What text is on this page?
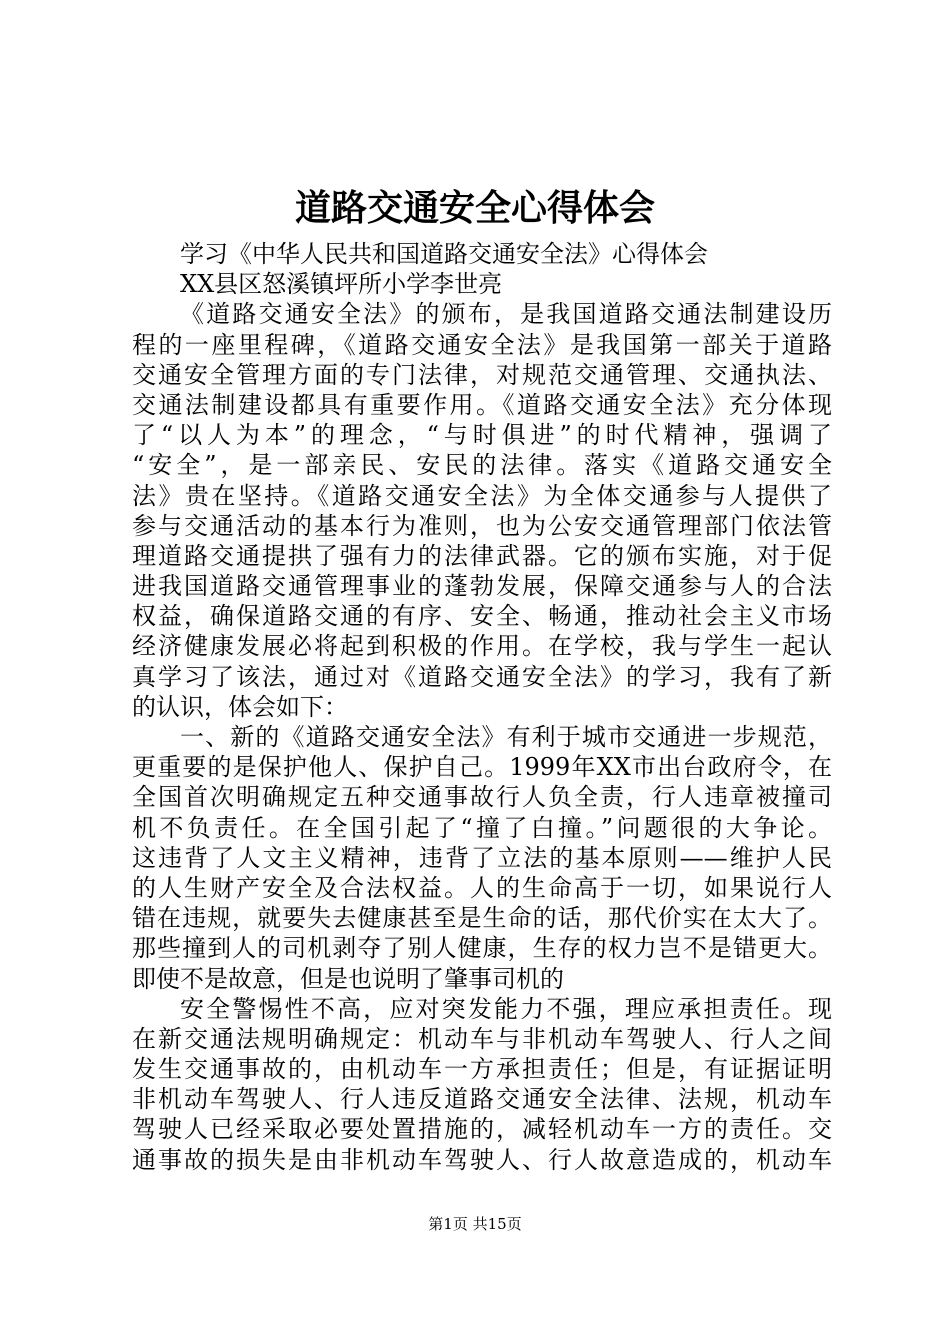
道路交通安全心得体会
学习《中华人民共和国道路交通安全法》心得体会
XX县区怒溪镇坪所小学李世亮
《道路交通安全法》的颁布，是我国道路交通法制建设历
程的一座里程碑，《道路交通安全法》是我国第一部关于道路
交通安全管理方面的专门法律，对规范交通管理、交通执法、
交通法制建设都具有重要作用。《道路交通安全法》充分体现
了“以人为本”的理念，“与时俱进”的时代精神，强调了
“安全”，是一部亲民、安民的法律。落实《道路交通安全
法》贵在坚持。《道路交通安全法》为全体交通参与人提供了
参与交通活动的基本行为准则，也为公安交通管理部门依法管
理道路交通提拱了强有力的法律武器。它的颁布实施，对于促
进我国道路交通管理事业的蓬勃发展，保障交通参与人的合法
权益，确保道路交通的有序、安全、畅通，推动社会主义市场
经济健康发展必将起到积极的作用。在学校，我与学生一起认
真学习了该法，通过对《道路交通安全法》的学习，我有了新
的认识，体会如下：
一、新的《道路交通安全法》有利于城市交通进一步规范，
更重要的是保护他人、保护自己。1999年XX市出台政府令，在
全国首次明确规定五种交通事故行人负全责，行人违章被撞司
机不负责任。在全国引起了“撞了白撞。”问题很的大争论。
这违背了人文主义精神，违背了立法的基本原则——维护人民
的人生财产安全及合法权益。人的生命高于一切，如果说行人
错在违规，就要失去健康甚至是生命的话，那代价实在太大了。
那些撞到人的司机剥夺了别人健康，生存的权力岂不是错更大。
即使不是故意，但是也说明了肇事司机的
安全警惕性不高，应对突发能力不强，理应承担责任。现
在新交通法规明确规定：机动车与非机动车驾驶人、行人之间
发生交通事故的，由机动车一方承担责任；但是，有证据证明
非机动车驾驶人、行人违反道路交通安全法律、法规，机动车
驾驶人已经采取必要处置措施的，减轻机动车一方的责任。交
通事故的损失是由非机动车驾驶人、行人故意造成的，机动车
第1页 共15页
